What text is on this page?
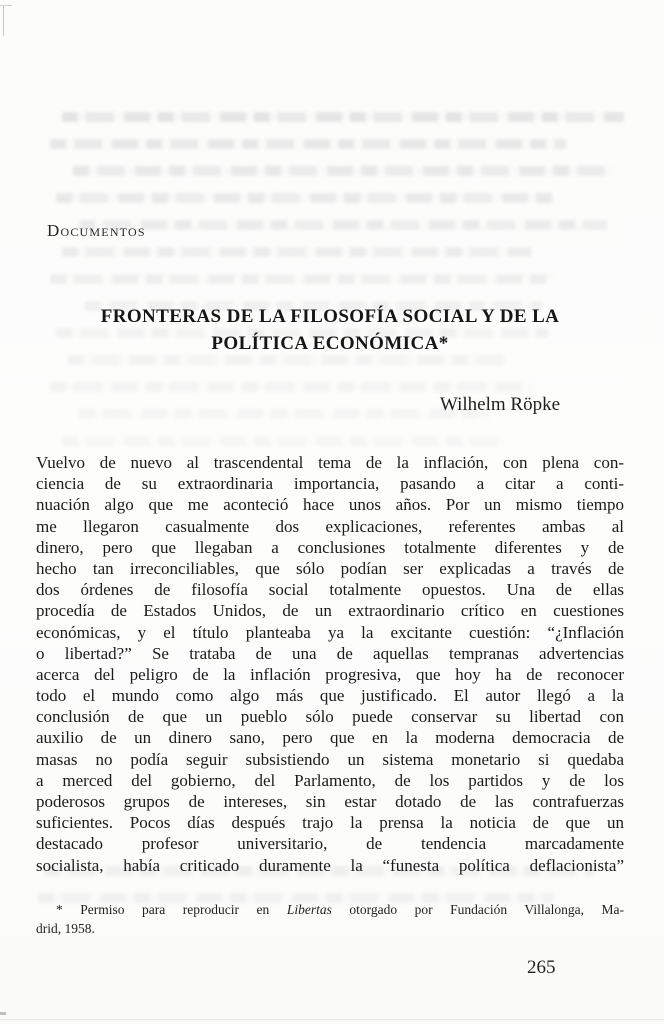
Documentos
FRONTERAS DE LA FILOSOFÍA SOCIAL Y DE LA
POLÍTICA ECONÓMICA*
Wilhelm Röpke
Vuelvo de nuevo al trascendental tema de la inflación, con plena con-
ciencia de su extraordinaria importancia, pasando a citar a conti-
nuación algo que me aconteció hace unos años. Por un mismo tiempo
me llegaron casualmente dos explicaciones, referentes ambas al
dinero, pero que llegaban a conclusiones totalmente diferentes y de
hecho tan irreconciliables, que sólo podían ser explicadas a través de
dos órdenes de filosofía social totalmente opuestos. Una de ellas
procedía de Estados Unidos, de un extraordinario crítico en cuestiones
económicas, y el título planteaba ya la excitante cuestión: “¿Inflación
o libertad?” Se trataba de una de aquellas tempranas advertencias
acerca del peligro de la inflación progresiva, que hoy ha de reconocer
todo el mundo como algo más que justificado. El autor llegó a la
conclusión de que un pueblo sólo puede conservar su libertad con
auxilio de un dinero sano, pero que en la moderna democracia de
masas no podía seguir subsistiendo un sistema monetario si quedaba
a merced del gobierno, del Parlamento, de los partidos y de los
poderosos grupos de intereses, sin estar dotado de las contrafuerzas
suficientes. Pocos días después trajo la prensa la noticia de que un
destacado profesor universitario, de tendencia marcadamente
socialista, había criticado duramente la “funesta política deflacionista”
* Permiso para reproducir en Libertas otorgado por Fundación Villalonga, Ma-
drid, 1958.
265
